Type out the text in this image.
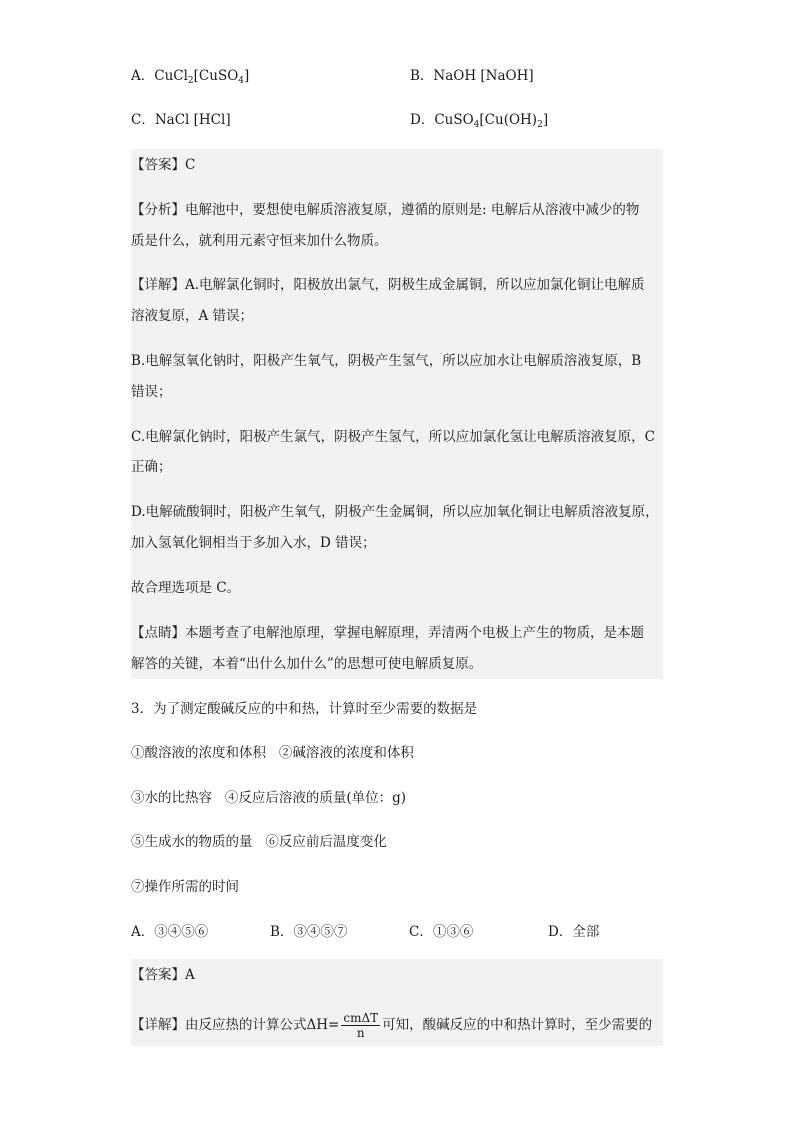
A．CuCl$_2$[CuSO$_4$]	B．NaOH [NaOH]
C．NaCl [HCl]	D．$CuSO_4[Cu(OH)_2]$
【答案】C
【分析】电解池中，要想使电解质溶液复原，遵循的原则是: 电解后从溶液中减少的物
质是什么，就利用元素守恒来加什么物质。
【详解】A.电解氯化铜时，阳极放出氯气，阴极生成金属铜，所以应加氯化铜让电解质
溶液复原，A 错误；
B.电解氢氧化钠时，阳极产生氧气，阴极产生氢气，所以应加水让电解质溶液复原，B
错误；
C.电解氯化钠时，阳极产生氯气，阴极产生氢气，所以应加氯化氢让电解质溶液复原，C
正确；
D.电解硫酸铜时，阳极产生氧气，阴极产生金属铜，所以应加氧化铜让电解质溶液复原，
加入氢氧化铜相当于多加入水，D 错误；
故合理选项是 C。
【点睛】本题考查了电解池原理，掌握电解原理，弄清两个电极上产生的物质，是本题
解答的关键，本着“出什么加什么”的思想可使电解质复原。
3．为了测定酸碱反应的中和热，计算时至少需要的数据是
①酸溶液的浓度和体积 ②碱溶液的浓度和体积
③水的比热容 ④反应后溶液的质量(单位：g)
⑤生成水的物质的量 ⑥反应前后温度变化
⑦操作所需的时间
A．③④⑤⑥	B．③④⑤⑦	C．①③⑥	D．全部
【答案】A
【详解】由反应热的计算公式$\Delta H= \frac{\text{cmΔT}}{n}$ 可知，酸碱反应的中和热计算时，至少需要的
